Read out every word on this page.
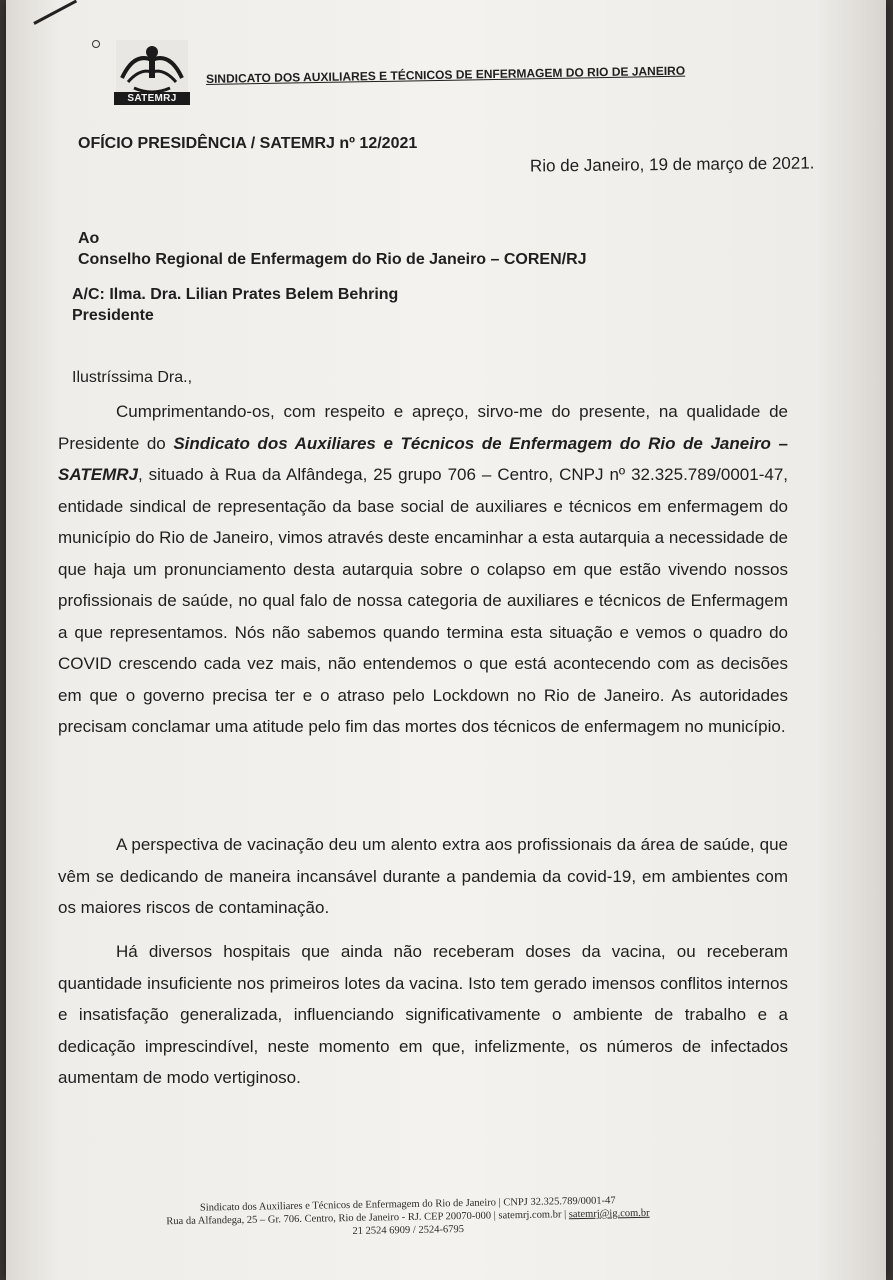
SATEMRJ
SINDICATO DOS AUXILIARES E TÉCNICOS DE ENFERMAGEM DO RIO DE JANEIRO
OFÍCIO PRESIDÊNCIA / SATEMRJ nº 12/2021
Rio de Janeiro, 19 de março de 2021.
Ao
Conselho Regional de Enfermagem do Rio de Janeiro – COREN/RJ
A/C: Ilma. Dra. Lilian Prates Belem Behring
Presidente
Ilustríssima Dra.,

Cumprimentando-os, com respeito e apreço, sirvo-me do presente, na qualidade de Presidente do Sindicato dos Auxiliares e Técnicos de Enfermagem do Rio de Janeiro – SATEMRJ, situado à Rua da Alfândega, 25 grupo 706 – Centro, CNPJ nº 32.325.789/0001-47, entidade sindical de representação da base social de auxiliares e técnicos em enfermagem do município do Rio de Janeiro, vimos através deste encaminhar a esta autarquia a necessidade de que haja um pronunciamento desta autarquia sobre o colapso em que estão vivendo nossos profissionais de saúde, no qual falo de nossa categoria de auxiliares e técnicos de Enfermagem a que representamos. Nós não sabemos quando termina esta situação e vemos o quadro do COVID crescendo cada vez mais, não entendemos o que está acontecendo com as decisões em que o governo precisa ter e o atraso pelo Lockdown no Rio de Janeiro. As autoridades precisam conclamar uma atitude pelo fim das mortes dos técnicos de enfermagem no município.

A perspectiva de vacinação deu um alento extra aos profissionais da área de saúde, que vêm se dedicando de maneira incansável durante a pandemia da covid-19, em ambientes com os maiores riscos de contaminação.

Há diversos hospitais que ainda não receberam doses da vacina, ou receberam quantidade insuficiente nos primeiros lotes da vacina. Isto tem gerado imensos conflitos internos e insatisfação generalizada, influenciando significativamente o ambiente de trabalho e a dedicação imprescindível, neste momento em que, infelizmente, os números de infectados aumentam de modo vertiginoso.

Sindicato dos Auxiliares e Técnicos de Enfermagem do Rio de Janeiro | CNPJ 32.325.789/0001-47
Rua da Alfandega, 25 – Gr. 706. Centro, Rio de Janeiro - RJ. CEP 20070-000 | satemrj.com.br | satemrj@ig.com.br
21 2524 6909 / 2524-6795
